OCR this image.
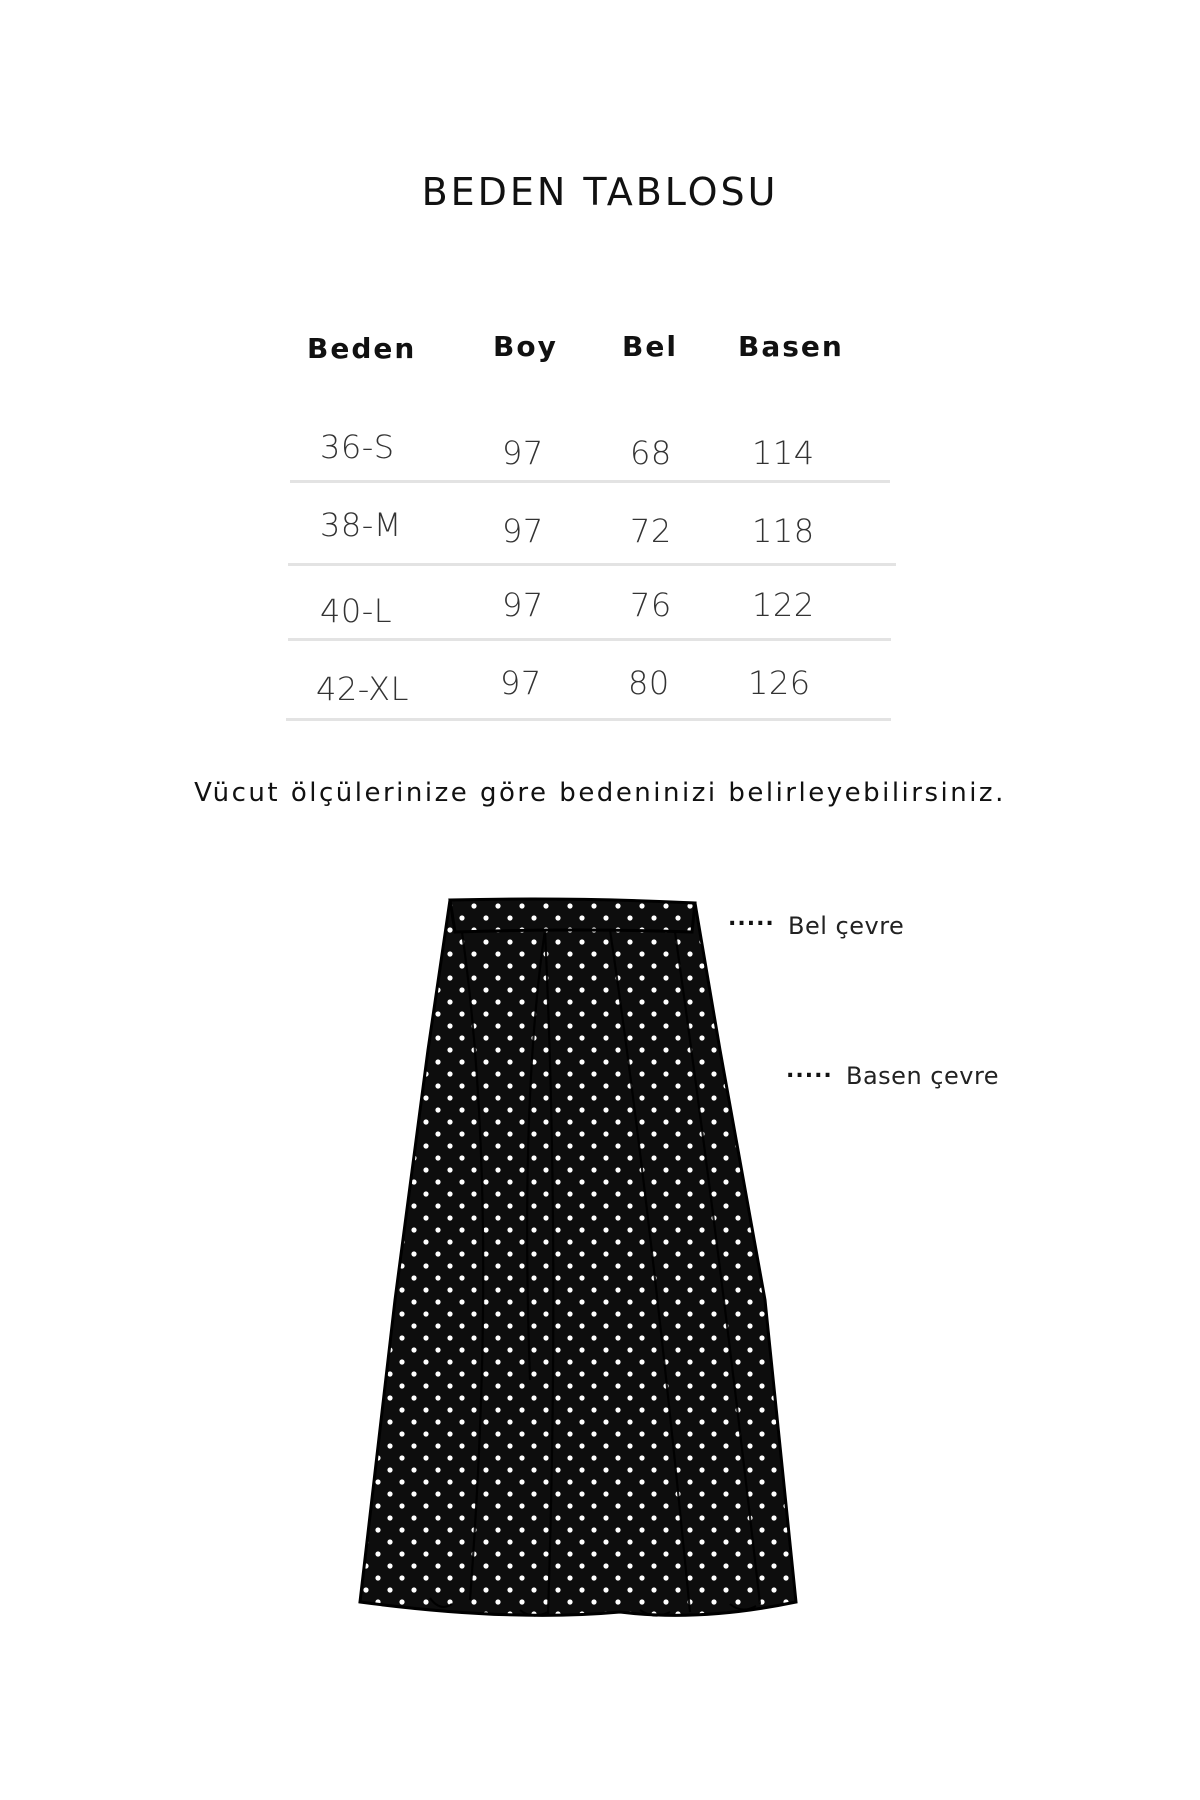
BEDEN TABLOSU
Beden	Boy Bel Basen
36-S	97	68	114
38-M	97	72	118
40-L	97	76	122
42-XL	97	80 126
Vücut ölçülerinize göre bedeninizi belirleyebilirsiniz.
..... Bel çevre
..... Basen çevre
